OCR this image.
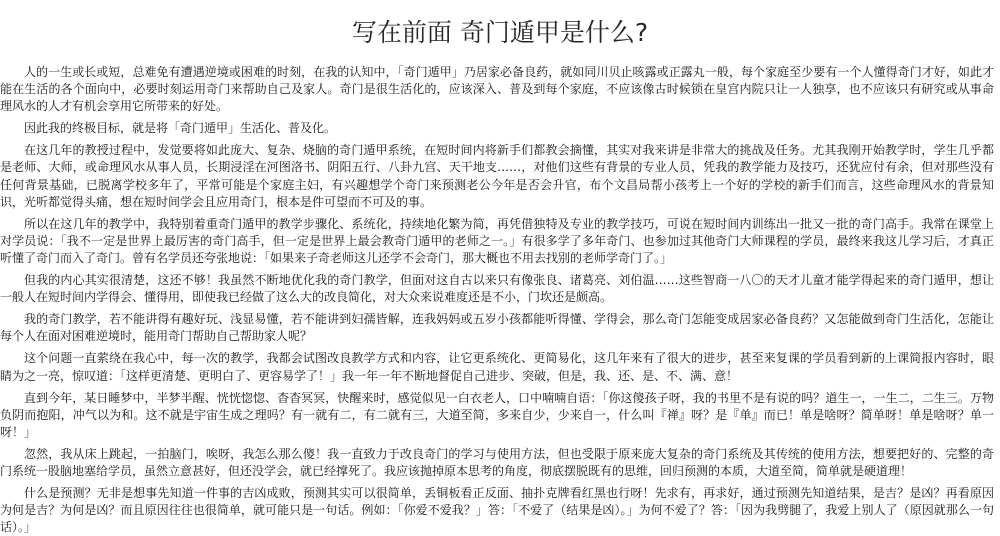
写在前面 奇门遁甲是什么?

人的一生或长或短，总难免有遭遇逆境或困难的时刻，在我的认知中，「奇门遁甲」乃居家必备良药，就如同川贝止咳露或正露丸一般，每个家庭至少要有一个人懂得奇门才好，如此才能在生活的各个面向中，必要时刻运用奇门来帮助自己及家人。奇门是很生活化的，应该深入、普及到每个家庭，不应该像古时候锁在皇宫内院只让一人独享，也不应该只有研究或从事命理风水的人才有机会享用它所带来的好处。

因此我的终极目标，就是将「奇门遁甲」生活化、普及化。

在这几年的教授过程中，发觉要将如此庞大、复杂、烧脑的奇门遁甲系统，在短时间内将新手们都教会摘懂，其实对我来讲是非常大的挑战及任务。尤其我刚开始教学时，学生几乎都是老师、大师，或命理风水从事人员，长期浸淫在河图洛书、阴阳五行、八卦九宫、天干地支……，对他们这些有背景的专业人员，凭我的教学能力及技巧，还犹应付有余，但对那些没有任何背景基础，已脱离学校多年了，平常可能是个家庭主妇，有兴趣想学个奇门来预测老公今年是否会升官，布个文昌局帮小孩考上一个好的学校的新手们而言，这些命理风水的背景知识，光听都觉得头痛，想在短时间学会且应用奇门，根本是件可望而不可及的事。

所以在这几年的教学中，我特别着重奇门遁甲的教学步骤化、系统化，持续地化繁为简，再凭借独特及专业的教学技巧，可说在短时间内训练出一批又一批的奇门高手。我常在课堂上对学员说：「我不一定是世界上最厉害的奇门高手，但一定是世界上最会教奇门遁甲的老师之一。」有很多学了多年奇门、也参加过其他奇门大师课程的学员，最终来我这儿学习后，才真正听懂了奇门而入了奇门。曾有名学员还夸张地说：「如果来子奇老师这儿还学不会奇门，那大概也不用去找别的老师学奇门了。」

但我的内心其实很清楚，这还不够！我虽然不断地优化我的奇门教学，但面对这自古以来只有像张良、诸葛亮、刘伯温……这些智商一八〇的天才儿童才能学得起来的奇门遁甲，想让一般人在短时间内学得会、懂得用，即使我已经做了这么大的改良简化，对大众来说难度还是不小，门坎还是颇高。

我的奇门教学，若不能讲得有趣好玩、浅显易懂，若不能讲到妇孺皆解，连我妈妈或五岁小孩都能听得懂、学得会，那么奇门怎能变成居家必备良药？又怎能做到奇门生活化，怎能让每个人在面对困难逆境时，能用奇门帮助自己帮助家人呢？

这个问题一直萦绕在我心中，每一次的教学，我都会试图改良教学方式和内容，让它更系统化、更简易化，这几年来有了很大的进步，甚至来复课的学员看到新的上课简报内容时，眼睛为之一亮，惊叹道：「这样更清楚、更明白了、更容易学了！」我一年一年不断地督促自己进步、突破，但是，我、还、是、不、满、意！

直到今年，某日睡梦中，半梦半醒、恍恍惚惚、杳杳冥冥，快醒来时，感觉似见一白衣老人，口中喃喃自语：「你这傻孩子呀，我的书里不是有说的吗？道生一，一生二，二生三。万物负阴而抱阳，冲气以为和。这不就是宇宙生成之理吗？有一就有二，有二就有三，大道至简，多来自少，少来自一，什么叫『禅』呀？是『单』而已！单是啥呀？简单呀！单是啥呀？单一呀！」

忽然，我从床上跳起，一拍脑门，唉呀，我怎么那么傻！我一直致力于改良奇门的学习与使用方法，但也受限于原来庞大复杂的奇门系统及其传统的使用方法，想要把好的、完整的奇门系统一股脑地塞给学员，虽然立意甚好，但还没学会，就已经撑死了。我应该抛掉原本思考的角度，彻底摆脱既有的思维，回归预测的本质，大道至简，简单就是硬道理！

什么是预测？无非是想事先知道一件事的吉凶成败，预测其实可以很简单，丢铜板看正反面、抽扑克牌看红黑也行呀！先求有，再求好，通过预测先知道结果，是吉？是凶？再看原因为何是吉？为何是凶？而且原因往往也很简单，就可能只是一句话。例如：「你爱不爱我？」答：「不爱了（结果是凶）。」为何不爱了？答：「因为我劈腿了，我爱上别人了（原因就那么一句话）。」
